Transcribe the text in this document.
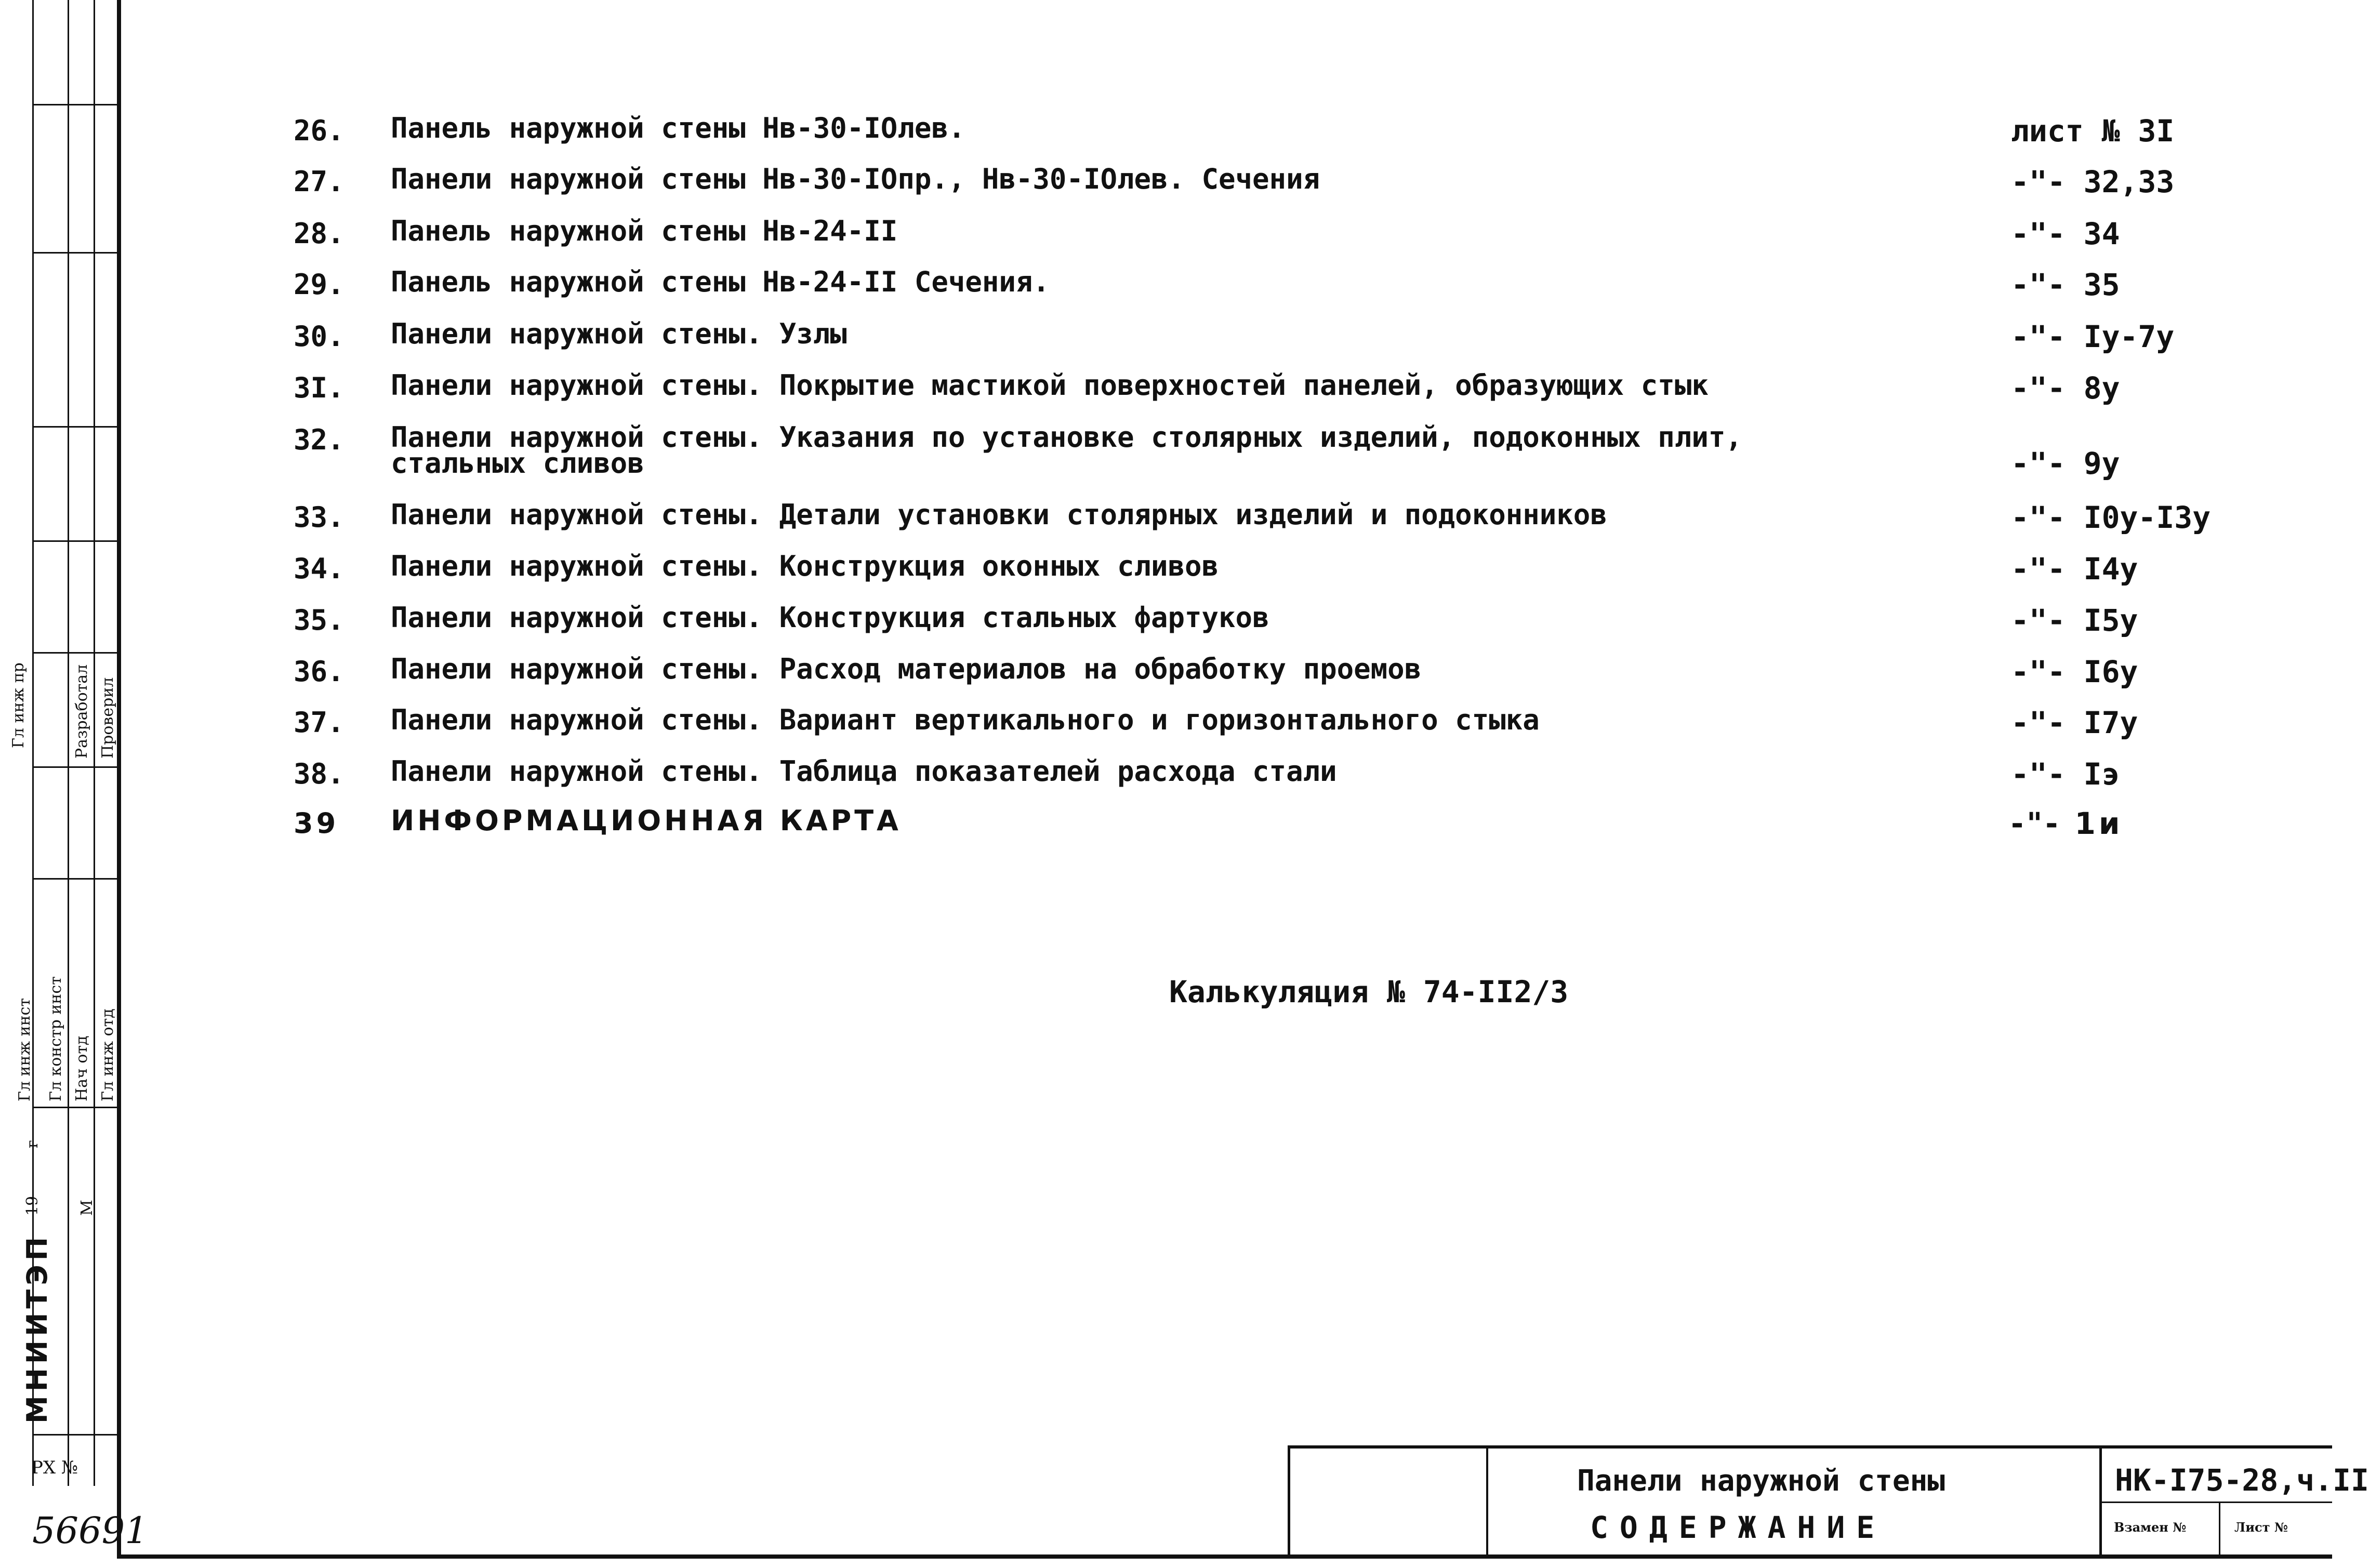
Гл инж пр	Разработал Проверил
Гл инж инст Гл констр инст Нач отд Гл инж отд
19
г
М
МНИИТЭП
РХ №
56691
26. Панель наружной стены Нв-30-IОлев.	лист № 3I
27. Панели наружной стены Нв-30-IОпр., Нв-30-IОлев. Сечения	-"- 32,33
28. Панель наружной стены Нв-24-II	-"- 34
29. Панель наружной стены Нв-24-II Сечения.	-"- 35
30. Панели наружной стены. Узлы	-"- Iу-7у
3I. Панели наружной стены. Покрытие мастикой поверхностей панелей, образующих стык	-"- 8у
32. Панели наружной стены. Указания по установке столярных изделий, подоконных плит,
стальных сливов	-"- 9у
33. Панели наружной стены. Детали установки столярных изделий и подоконников	-"- I0у-I3у
34. Панели наружной стены. Конструкция оконных сливов	-"- I4у
35. Панели наружной стены. Конструкция стальных фартуков	-"- I5у
36. Панели наружной стены. Расход материалов на обработку проемов	-"- I6у
37. Панели наружной стены. Вариант вертикального и горизонтального стыка	-"- I7у
38. Панели наружной стены. Таблица показателей расхода стали	-"- Iэ
39 ИНФОРМАЦИОННАЯ КАРТА	-"- 1и
Калькуляция № 74-II2/3
Панели наружной стены
СОДЕРЖАНИЕ
НК-I75-28,ч.II
Взамен №	Лист №
